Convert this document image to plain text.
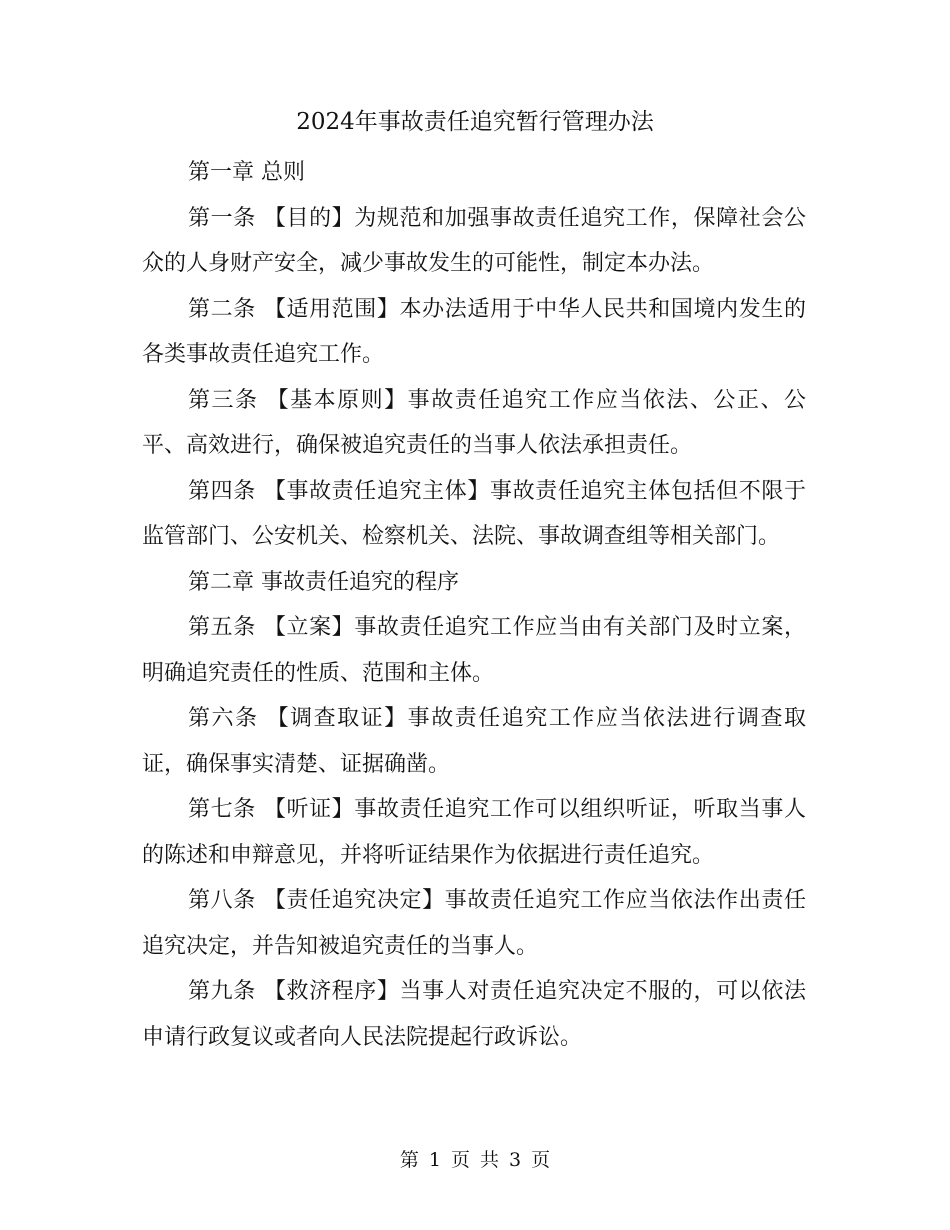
2024年事故责任追究暂行管理办法

第一章 总则

第一条 【目的】为规范和加强事故责任追究工作，保障社会公众的人身财产安全，减少事故发生的可能性，制定本办法。

第二条 【适用范围】本办法适用于中华人民共和国境内发生的各类事故责任追究工作。

第三条 【基本原则】事故责任追究工作应当依法、公正、公平、高效进行，确保被追究责任的当事人依法承担责任。

第四条 【事故责任追究主体】事故责任追究主体包括但不限于监管部门、公安机关、检察机关、法院、事故调查组等相关部门。

第二章 事故责任追究的程序

第五条 【立案】事故责任追究工作应当由有关部门及时立案，明确追究责任的性质、范围和主体。

第六条 【调查取证】事故责任追究工作应当依法进行调查取证，确保事实清楚、证据确凿。

第七条 【听证】事故责任追究工作可以组织听证，听取当事人的陈述和申辩意见，并将听证结果作为依据进行责任追究。

第八条 【责任追究决定】事故责任追究工作应当依法作出责任追究决定，并告知被追究责任的当事人。

第九条 【救济程序】当事人对责任追究决定不服的，可以依法申请行政复议或者向人民法院提起行政诉讼。

第 1 页 共 3 页
